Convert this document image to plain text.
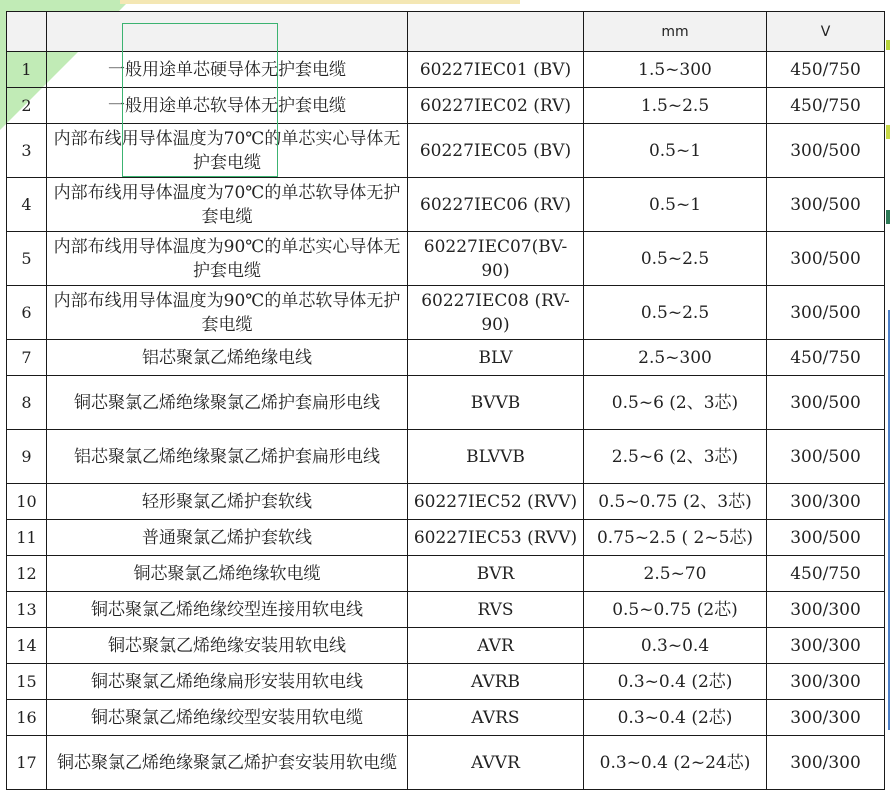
			mm	V
1	一般用途单芯硬导体无护套电缆	60227IEC01 (BV)	1.5~300	450/750
2	一般用途单芯软导体无护套电缆	60227IEC02 (RV)	1.5~2.5	450/750
3	内部布线用导体温度为70℃的单芯实心导体无护套电缆	60227IEC05 (BV)	0.5~1	300/500
4	内部布线用导体温度为70℃的单芯软导体无护套电缆	60227IEC06 (RV)	0.5~1	300/500
5	内部布线用导体温度为90℃的单芯实心导体无护套电缆	60227IEC07(BV-90)	0.5~2.5	300/500
6	内部布线用导体温度为90℃的单芯软导体无护套电缆	60227IEC08 (RV-90)	0.5~2.5	300/500
7	铝芯聚氯乙烯绝缘电线	BLV	2.5~300	450/750
8	铜芯聚氯乙烯绝缘聚氯乙烯护套扁形电线	BVVB	0.5~6 (2、3芯)	300/500
9	铝芯聚氯乙烯绝缘聚氯乙烯护套扁形电线	BLVVB	2.5~6 (2、3芯)	300/500
10	轻形聚氯乙烯护套软线	60227IEC52 (RVV)	0.5~0.75 (2、3芯)	300/300
11	普通聚氯乙烯护套软线	60227IEC53 (RVV)	0.75~2.5 ( 2~5芯)	300/500
12	铜芯聚氯乙烯绝缘软电缆	BVR	2.5~70	450/750
13	铜芯聚氯乙烯绝缘绞型连接用软电线	RVS	0.5~0.75 (2芯)	300/300
14	铜芯聚氯乙烯绝缘安装用软电线	AVR	0.3~0.4	300/300
15	铜芯聚氯乙烯绝缘扁形安装用软电线	AVRB	0.3~0.4 (2芯)	300/300
16	铜芯聚氯乙烯绝缘绞型安装用软电缆	AVRS	0.3~0.4 (2芯)	300/300
17	铜芯聚氯乙烯绝缘聚氯乙烯护套安装用软电缆	AVVR	0.3~0.4 (2~24芯)	300/300
